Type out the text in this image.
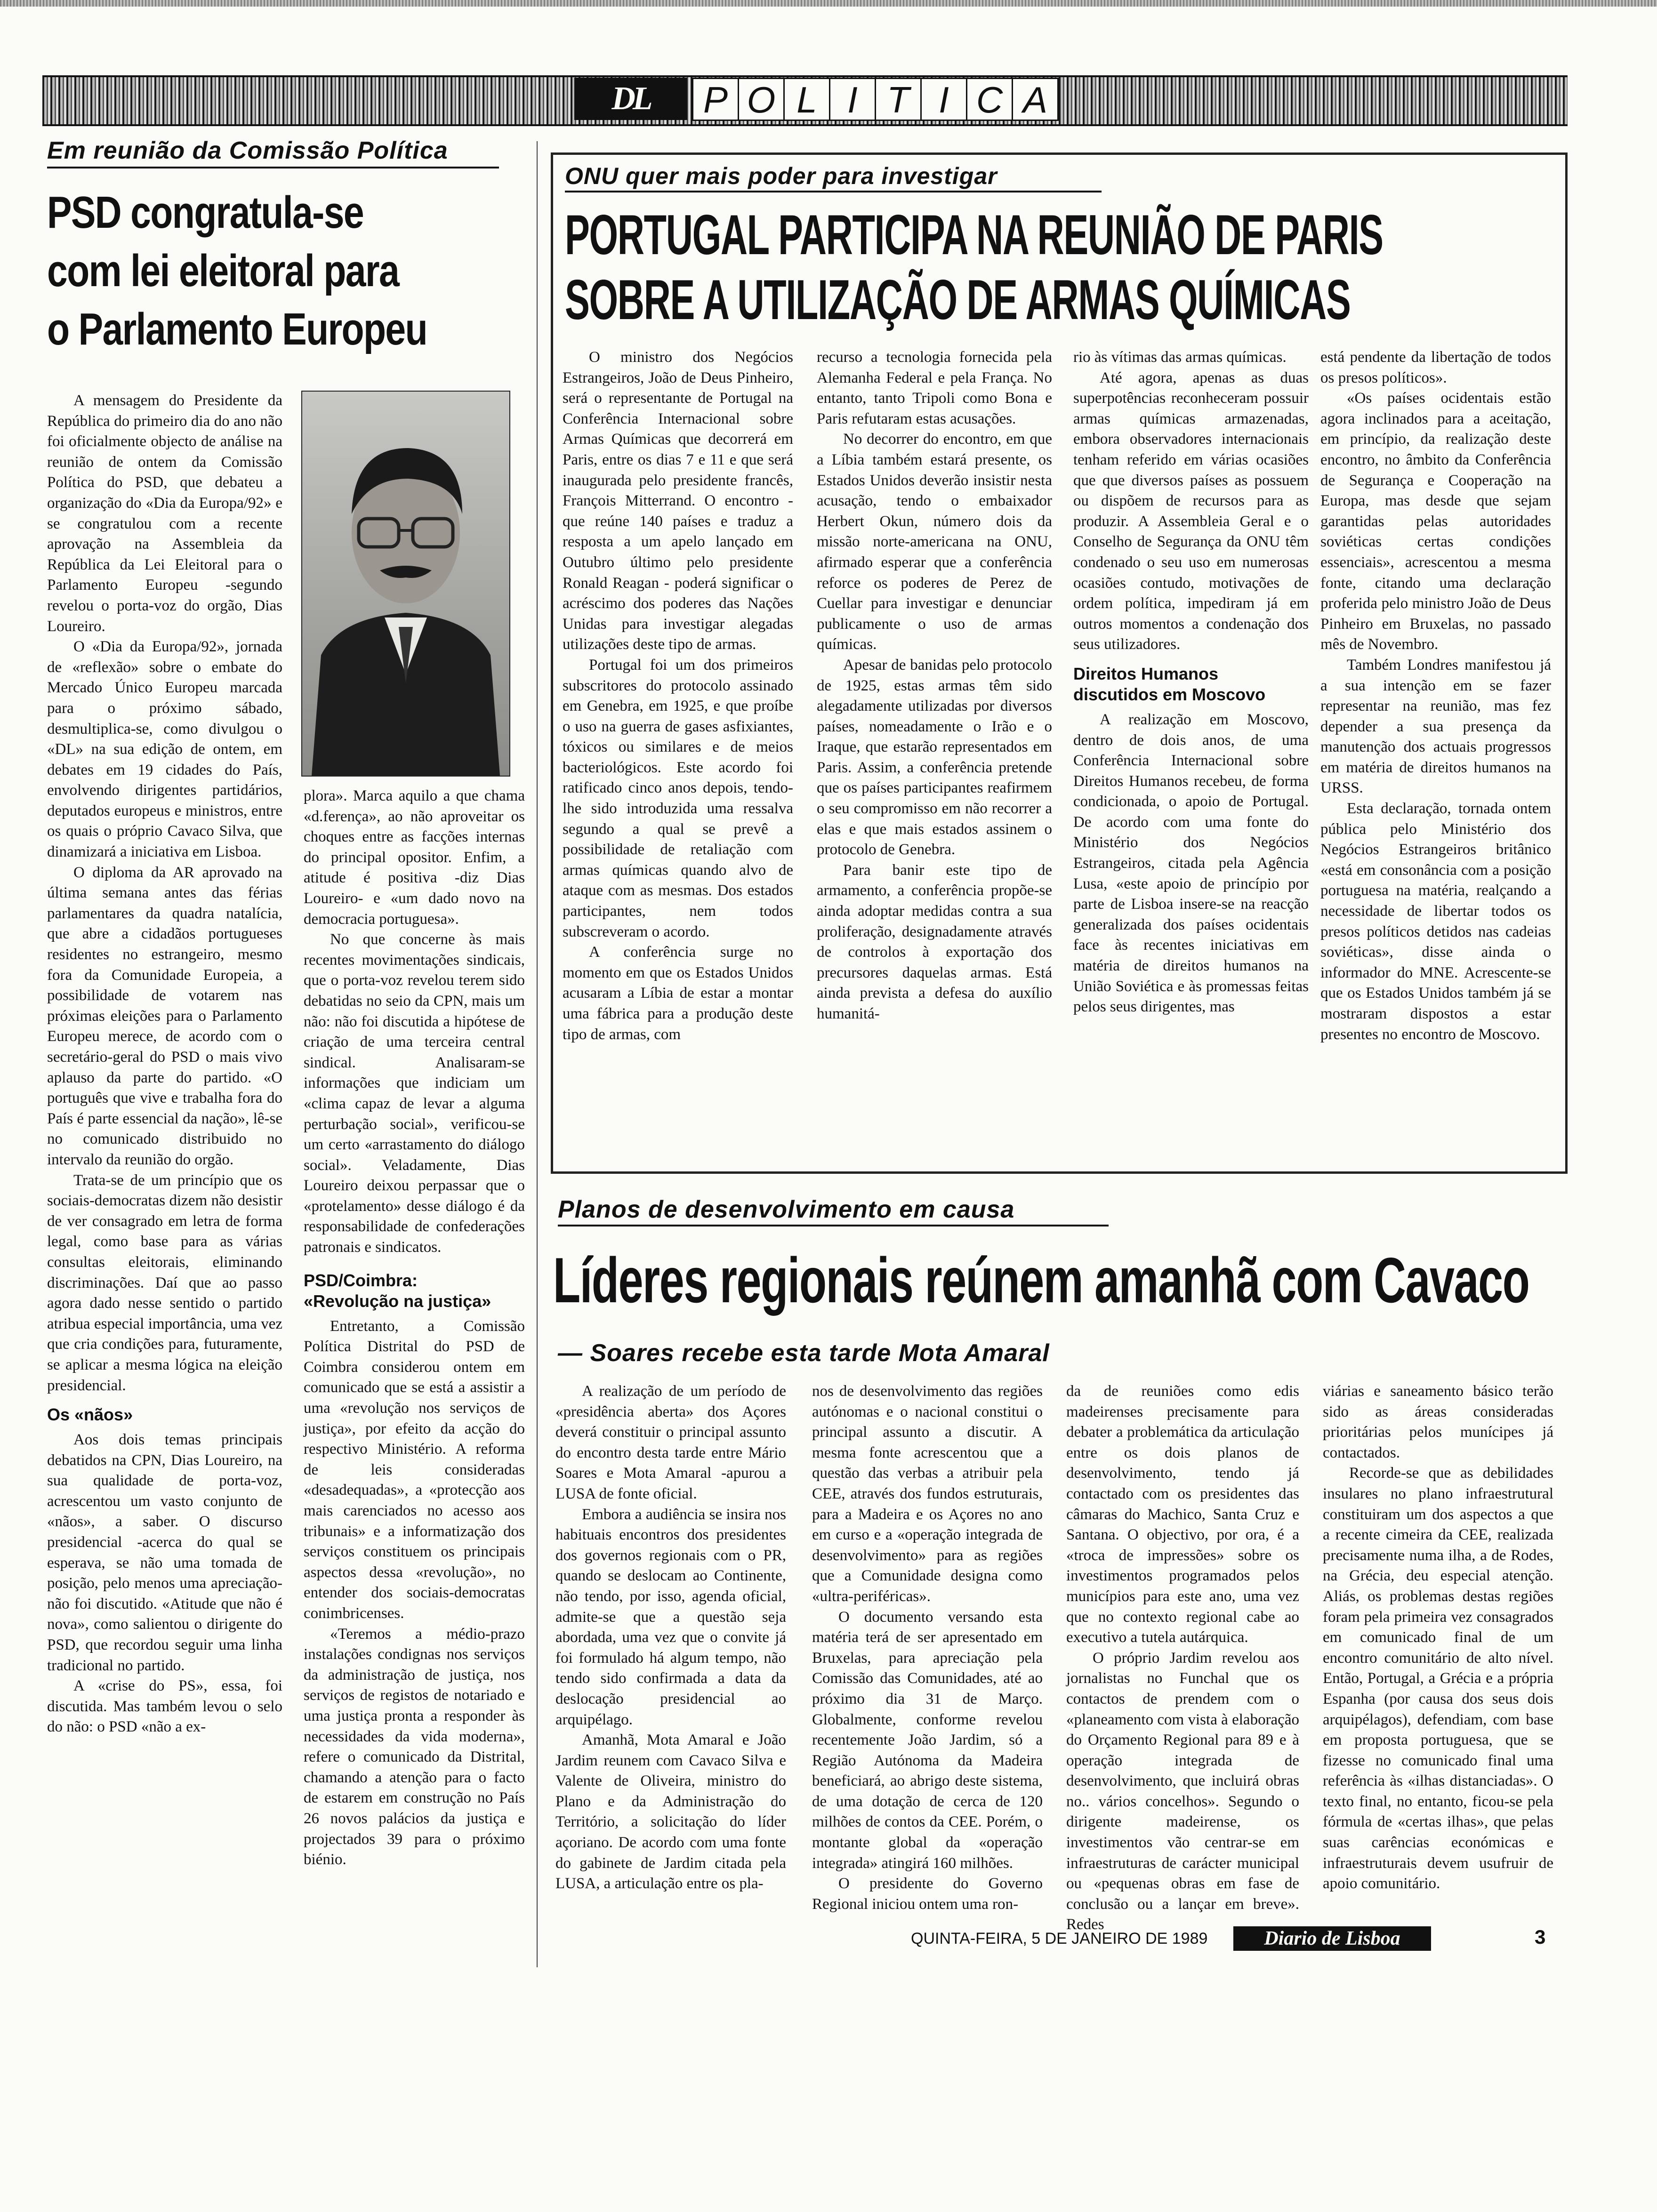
DL	P O L I T I C A
Em reunião da Comissão Política
PSD congratula-se
com lei eleitoral para
o Parlamento Europeu

A mensagem do Presidente da República do primeiro dia do ano não foi oficialmente objecto de análise na reunião de ontem da Comissão Política do PSD, que debateu a organização do «Dia da Europa/92» e se congratulou com a recente aprovação na Assembleia da República da Lei Eleitoral para o Parlamento Europeu -segundo revelou o porta-voz do orgão, Dias Loureiro.

O «Dia da Europa/92», jornada de «reflexão» sobre o embate do Mercado Único Europeu marcada para o próximo sábado, desmultiplica-se, como divulgou o «DL» na sua edição de ontem, em debates em 19 cidades do País, envolvendo dirigentes partidários, deputados europeus e ministros, entre os quais o próprio Cavaco Silva, que dinamizará a iniciativa em Lisboa.

O diploma da AR aprovado na última semana antes das férias parlamentares da quadra natalícia, que abre a cidadãos portugueses residentes no estrangeiro, mesmo fora da Comunidade Europeia, a possibilidade de votarem nas próximas eleições para o Parlamento Europeu merece, de acordo com o secretário-geral do PSD o mais vivo aplauso da parte do partido. «O português que vive e trabalha fora do País é parte essencial da nação», lê-se no comunicado distribuido no intervalo da reunião do orgão.

Trata-se de um princípio que os sociais-democratas dizem não desistir de ver consagrado em letra de forma legal, como base para as várias consultas eleitorais, eliminando discriminações. Daí que ao passo agora dado nesse sentido o partido atribua especial importância, uma vez que cria condições para, futuramente, se aplicar a mesma lógica na eleição presidencial.

Os «nãos»

Aos dois temas principais debatidos na CPN, Dias Loureiro, na sua qualidade de porta-voz, acrescentou um vasto conjunto de «nãos», a saber. O discurso presidencial -acerca do qual se esperava, se não uma tomada de posição, pelo menos uma apreciação- não foi discutido. «Atitude que não é nova», como salientou o dirigente do PSD, que recordou seguir uma linha tradicional no partido.

A «crise do PS», essa, foi discutida. Mas também levou o selo do não: o PSD «não a ex-

plora». Marca aquilo a que chama «d.ferença», ao não aproveitar os choques entre as facções internas do principal opositor. Enfim, a atitude é positiva -diz Dias Loureiro- e «um dado novo na democracia portuguesa».

No que concerne às mais recentes movimentações sindicais, que o porta-voz revelou terem sido debatidas no seio da CPN, mais um não: não foi discutida a hipótese de criação de uma terceira central sindical. Analisaram-se informações que indiciam um «clima capaz de levar a alguma perturbação social», verificou-se um certo «arrastamento do diálogo social». Veladamente, Dias Loureiro deixou perpassar que o «protelamento» desse diálogo é da responsabilidade de confederações patronais e sindicatos.

PSD/Coimbra:
«Revolução na justiça»

Entretanto, a Comissão Política Distrital do PSD de Coimbra considerou ontem em comunicado que se está a assistir a uma «revolução nos serviços de justiça», por efeito da acção do respectivo Ministério. A reforma de leis consideradas «desadequadas», a «protecção aos mais carenciados no acesso aos tribunais» e a informatização dos serviços constituem os principais aspectos dessa «revolução», no entender dos sociais-democratas conimbricenses.

«Teremos a médio-prazo instalações condignas nos serviços da administração de justiça, nos serviços de registos de notariado e uma justiça pronta a responder às necessidades da vida moderna», refere o comunicado da Distrital, chamando a atenção para o facto de estarem em construção no País 26 novos palácios da justiça e projectados 39 para o próximo biénio.

ONU quer mais poder para investigar
PORTUGAL PARTICIPA NA REUNIÃO DE PARIS
SOBRE A UTILIZAÇÃO DE ARMAS QUÍMICAS

O ministro dos Negócios Estrangeiros, João de Deus Pinheiro, será o representante de Portugal na Conferência Internacional sobre Armas Químicas que decorrerá em Paris, entre os dias 7 e 11 e que será inaugurada pelo presidente francês, François Mitterrand. O encontro - que reúne 140 países e traduz a resposta a um apelo lançado em Outubro último pelo presidente Ronald Reagan - poderá significar o acréscimo dos poderes das Nações Unidas para investigar alegadas utilizações deste tipo de armas.

Portugal foi um dos primeiros subscritores do protocolo assinado em Genebra, em 1925, e que proíbe o uso na guerra de gases asfixiantes, tóxicos ou similares e de meios bacteriológicos. Este acordo foi ratificado cinco anos depois, tendo-lhe sido introduzida uma ressalva segundo a qual se prevê a possibilidade de retaliação com armas químicas quando alvo de ataque com as mesmas. Dos estados participantes, nem todos subscreveram o acordo.

A conferência surge no momento em que os Estados Unidos acusaram a Líbia de estar a montar uma fábrica para a produção deste tipo de armas, com

recurso a tecnologia fornecida pela Alemanha Federal e pela França. No entanto, tanto Tripoli como Bona e Paris refutaram estas acusações.

No decorrer do encontro, em que a Líbia também estará presente, os Estados Unidos deverão insistir nesta acusação, tendo o embaixador Herbert Okun, número dois da missão norte-americana na ONU, afirmado esperar que a conferência reforce os poderes de Perez de Cuellar para investigar e denunciar publicamente o uso de armas químicas.

Apesar de banidas pelo protocolo de 1925, estas armas têm sido alegadamente utilizadas por diversos países, nomeadamente o Irão e o Iraque, que estarão representados em Paris. Assim, a conferência pretende que os países participantes reafirmem o seu compromisso em não recorrer a elas e que mais estados assinem o protocolo de Genebra.

Para banir este tipo de armamento, a conferência propõe-se ainda adoptar medidas contra a sua proliferação, designadamente através de controlos à exportação dos precursores daquelas armas. Está ainda prevista a defesa do auxílio humanitá-

rio às vítimas das armas químicas.

Até agora, apenas as duas superpotências reconheceram possuir armas químicas armazenadas, embora observadores internacionais tenham referido em várias ocasiões que que diversos países as possuem ou dispõem de recursos para as produzir. A Assembleia Geral e o Conselho de Segurança da ONU têm condenado o seu uso em numerosas ocasiões contudo, motivações de ordem política, impediram já em outros momentos a condenação dos seus utilizadores.

Direitos Humanos
discutidos em Moscovo

A realização em Moscovo, dentro de dois anos, de uma Conferência Internacional sobre Direitos Humanos recebeu, de forma condicionada, o apoio de Portugal. De acordo com uma fonte do Ministério dos Negócios Estrangeiros, citada pela Agência Lusa, «este apoio de princípio por parte de Lisboa insere-se na reacção generalizada dos países ocidentais face às recentes iniciativas em matéria de direitos humanos na União Soviética e às promessas feitas pelos seus dirigentes, mas

está pendente da libertação de todos os presos políticos».

«Os países ocidentais estão agora inclinados para a aceitação, em princípio, da realização deste encontro, no âmbito da Conferência de Segurança e Cooperação na Europa, mas desde que sejam garantidas pelas autoridades soviéticas certas condições essenciais», acrescentou a mesma fonte, citando uma declaração proferida pelo ministro João de Deus Pinheiro em Bruxelas, no passado mês de Novembro.

Também Londres manifestou já a sua intenção em se fazer representar na reunião, mas fez depender a sua presença da manutenção dos actuais progressos em matéria de direitos humanos na URSS.

Esta declaração, tornada ontem pública pelo Ministério dos Negócios Estrangeiros britânico «está em consonância com a posição portuguesa na matéria, realçando a necessidade de libertar todos os presos políticos detidos nas cadeias soviéticas», disse ainda o informador do MNE. Acrescente-se que os Estados Unidos também já se mostraram dispostos a estar presentes no encontro de Moscovo.

Planos de desenvolvimento em causa
Líderes regionais reúnem amanhã com Cavaco
— Soares recebe esta tarde Mota Amaral

A realização de um período de «presidência aberta» dos Açores deverá constituir o principal assunto do encontro desta tarde entre Mário Soares e Mota Amaral -apurou a LUSA de fonte oficial.

Embora a audiência se insira nos habituais encontros dos presidentes dos governos regionais com o PR, quando se deslocam ao Continente, não tendo, por isso, agenda oficial, admite-se que a questão seja abordada, uma vez que o convite já foi formulado há algum tempo, não tendo sido confirmada a data da deslocação presidencial ao arquipélago.

Amanhã, Mota Amaral e João Jardim reunem com Cavaco Silva e Valente de Oliveira, ministro do Plano e da Administração do Território, a solicitação do líder açoriano. De acordo com uma fonte do gabinete de Jardim citada pela LUSA, a articulação entre os pla-

nos de desenvolvimento das regiões autónomas e o nacional constitui o principal assunto a discutir. A mesma fonte acrescentou que a questão das verbas a atribuir pela CEE, através dos fundos estruturais, para a Madeira e os Açores no ano em curso e a «operação integrada de desenvolvimento» para as regiões que a Comunidade designa como «ultra-periféricas».

O documento versando esta matéria terá de ser apresentado em Bruxelas, para apreciação pela Comissão das Comunidades, até ao próximo dia 31 de Março. Globalmente, conforme revelou recentemente João Jardim, só a Região Autónoma da Madeira beneficiará, ao abrigo deste sistema, de uma dotação de cerca de 120 milhões de contos da CEE. Porém, o montante global da «operação integrada» atingirá 160 milhões.

O presidente do Governo Regional iniciou ontem uma ron-

da de reuniões como edis madeirenses precisamente para debater a problemática da articulação entre os dois planos de desenvolvimento, tendo já contactado com os presidentes das câmaras do Machico, Santa Cruz e Santana. O objectivo, por ora, é a «troca de impressões» sobre os investimentos programados pelos municípios para este ano, uma vez que no contexto regional cabe ao executivo a tutela autárquica.

O próprio Jardim revelou aos jornalistas no Funchal que os contactos de prendem com o «planeamento com vista à elaboração do Orçamento Regional para 89 e à operação integrada de desenvolvimento, que incluirá obras no.. vários concelhos». Segundo o dirigente madeirense, os investimentos vão centrar-se em infraestruturas de carácter municipal ou «pequenas obras em fase de conclusão ou a lançar em breve». Redes

viárias e saneamento básico terão sido as áreas consideradas prioritárias pelos munícipes já contactados.

Recorde-se que as debilidades insulares no plano infraestrutural constituiram um dos aspectos a que a recente cimeira da CEE, realizada precisamente numa ilha, a de Rodes, na Grécia, deu especial atenção. Aliás, os problemas destas regiões foram pela primeira vez consagrados em comunicado final de um encontro comunitário de alto nível. Então, Portugal, a Grécia e a própria Espanha (por causa dos seus dois arquipélagos), defendiam, com base em proposta portuguesa, que se fizesse no comunicado final uma referência às «ilhas distanciadas». O texto final, no entanto, ficou-se pela fórmula de «certas ilhas», que pelas suas carências económicas e infraestruturais devem usufruir de apoio comunitário.

QUINTA-FEIRA, 5 DE JANEIRO DE 1989	Diario de Lisboa	3
